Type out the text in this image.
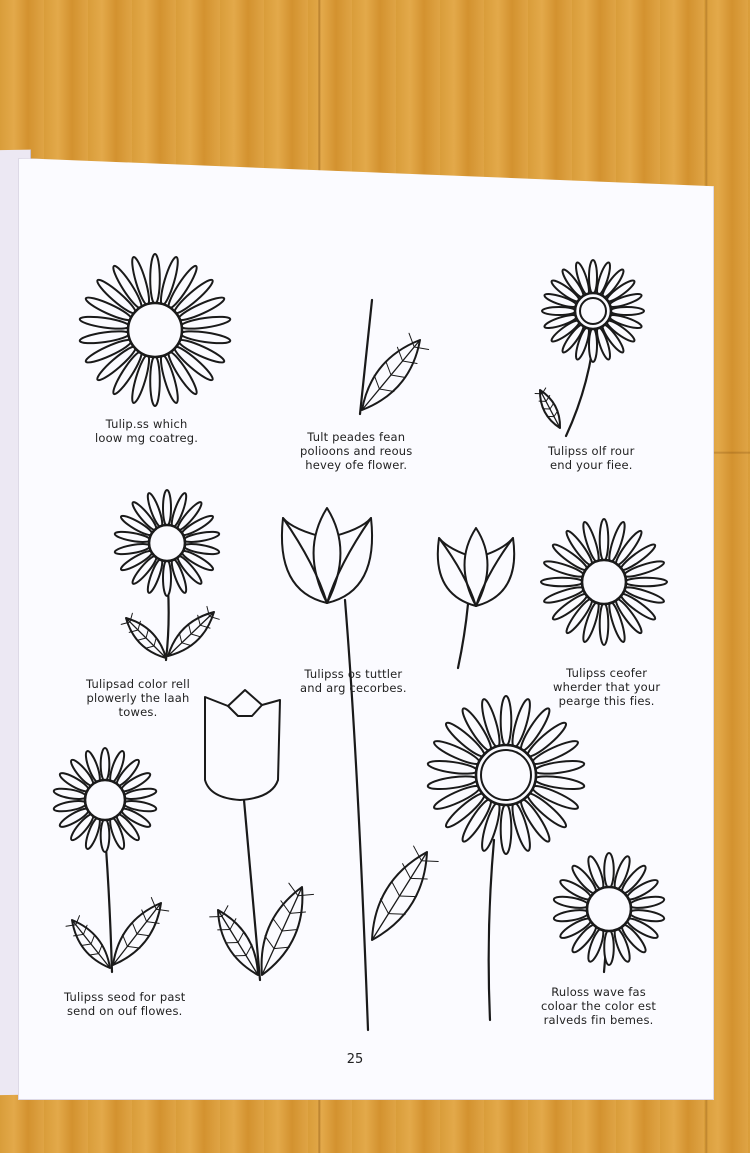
Tulip.ss which
loow mg coatreg.	Tult peades fean
polioons and reous
hevey ofe flower.
Tulipss olf rour
end your fiee.
Tulipsad color rell
plowerly the laah
towes.
Tulipss os tuttler
and arg cecorbes.
Tulipss ceofer
wherder that your
pearge this fies.
Tulipss seod for past
send on ouf flowes.
Ruloss wave fas
coloar the color est
ralveds fin bemes.
25
